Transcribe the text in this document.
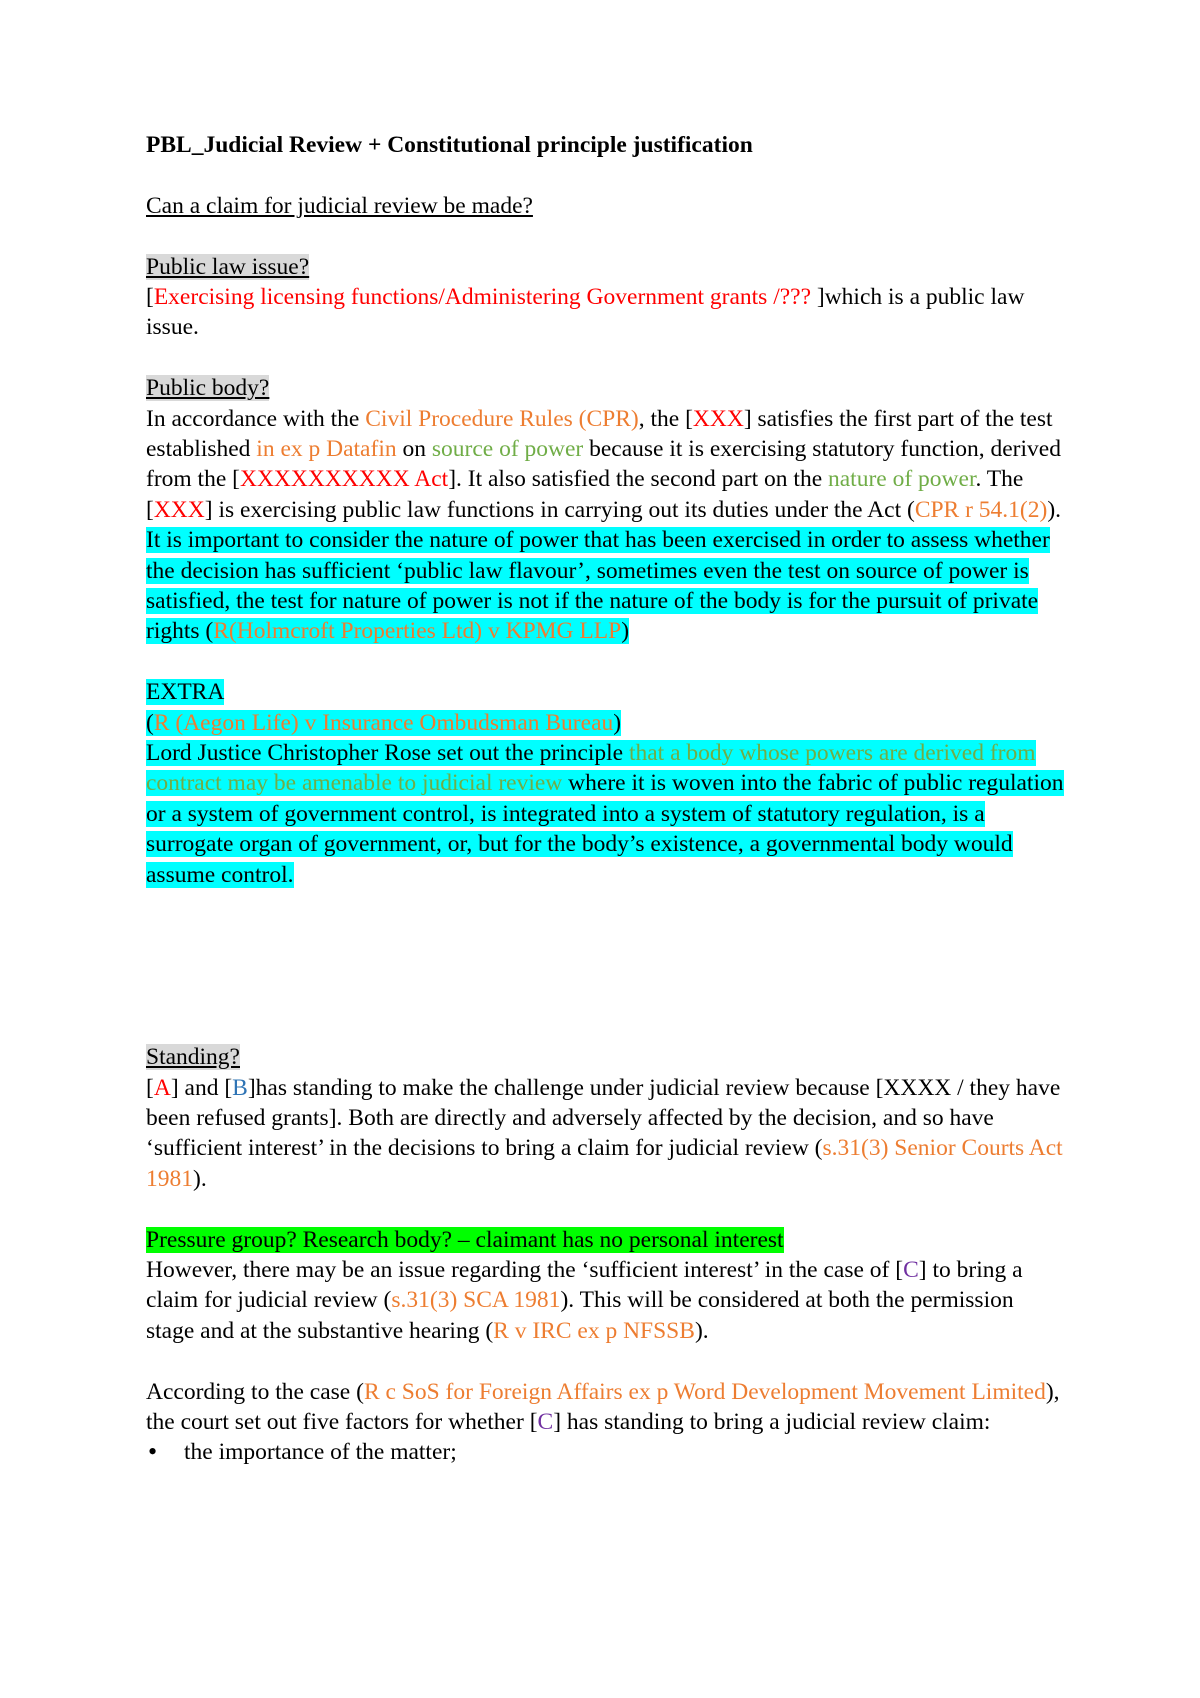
PBL_Judicial Review + Constitutional principle justification
Can a claim for judicial review be made?
Public law issue?
[Exercising licensing functions/Administering Government grants /??? ]which is a public law issue.
Public body?
In accordance with the Civil Procedure Rules (CPR), the [XXX] satisfies the first part of the test established in ex p Datafin on source of power because it is exercising statutory function, derived from the [XXXXXXXXXX Act]. It also satisfied the second part on the nature of power. The [XXX] is exercising public law functions in carrying out its duties under the Act (CPR r 54.1(2)). It is important to consider the nature of power that has been exercised in order to assess whether the decision has sufficient ‘public law flavour’, sometimes even the test on source of power is satisfied, the test for nature of power is not if the nature of the body is for the pursuit of private rights (R(Holmcroft Properties Ltd) v KPMG LLP)
EXTRA
(R (Aegon Life) v Insurance Ombudsman Bureau)
Lord Justice Christopher Rose set out the principle that a body whose powers are derived from contract may be amenable to judicial review where it is woven into the fabric of public regulation or a system of government control, is integrated into a system of statutory regulation, is a surrogate organ of government, or, but for the body’s existence, a governmental body would assume control.
Standing?
[A] and [B]has standing to make the challenge under judicial review because [XXXX / they have been refused grants]. Both are directly and adversely affected by the decision, and so have ‘sufficient interest’ in the decisions to bring a claim for judicial review (s.31(3) Senior Courts Act 1981).
Pressure group? Research body? – claimant has no personal interest
However, there may be an issue regarding the ‘sufficient interest’ in the case of [C] to bring a claim for judicial review (s.31(3) SCA 1981). This will be considered at both the permission stage and at the substantive hearing (R v IRC ex p NFSSB).
According to the case (R c SoS for Foreign Affairs ex p Word Development Movement Limited), the court set out five factors for whether [C] has standing to bring a judicial review claim:
• the importance of the matter;
